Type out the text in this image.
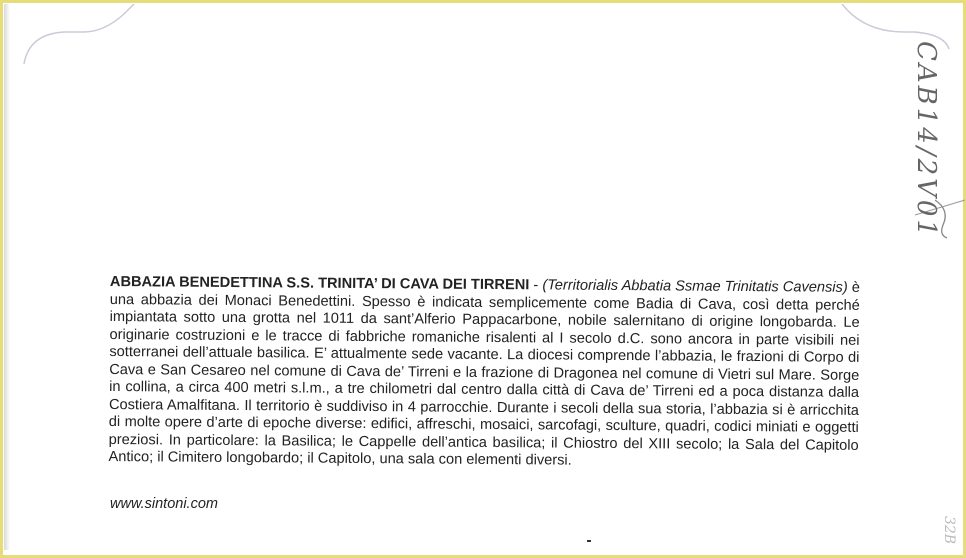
CAB14/2V01
32B
ABBAZIA BENEDETTINA S.S. TRINITA’ DI CAVA DEI TIRRENI - (Territorialis Abbatia Ssmae Trinitatis Cavensis) è una abbazia dei Monaci Benedettini. Spesso è indicata semplicemente come Badia di Cava, così detta perché impiantata sotto una grotta nel 1011 da sant’Alferio Pappacarbone, nobile salernitano di origine longobarda. Le originarie costruzioni e le tracce di fabbriche romaniche risalenti al I secolo d.C. sono ancora in parte visibili nei sotterranei dell’attuale basilica. E’ attualmente sede vacante. La diocesi comprende l’abbazia, le frazioni di Corpo di Cava e San Cesareo nel comune di Cava de’ Tirreni e la frazione di Dragonea nel comune di Vietri sul Mare. Sorge in collina, a circa 400 metri s.l.m., a tre chilometri dal centro dalla città di Cava de’ Tirreni ed a poca distanza dalla Costiera Amalfitana. Il territorio è suddiviso in 4 parrocchie. Durante i secoli della sua storia, l’abbazia si è arricchita di molte opere d’arte di epoche diverse: edifici, affreschi, mosaici, sarcofagi, sculture, quadri, codici miniati e oggetti preziosi. In particolare: la Basilica; le Cappelle dell’antica basilica; il Chiostro del XIII secolo; la Sala del Capitolo Antico; il Cimitero longobardo; il Capitolo, una sala con elementi diversi.
www.sintoni.com
